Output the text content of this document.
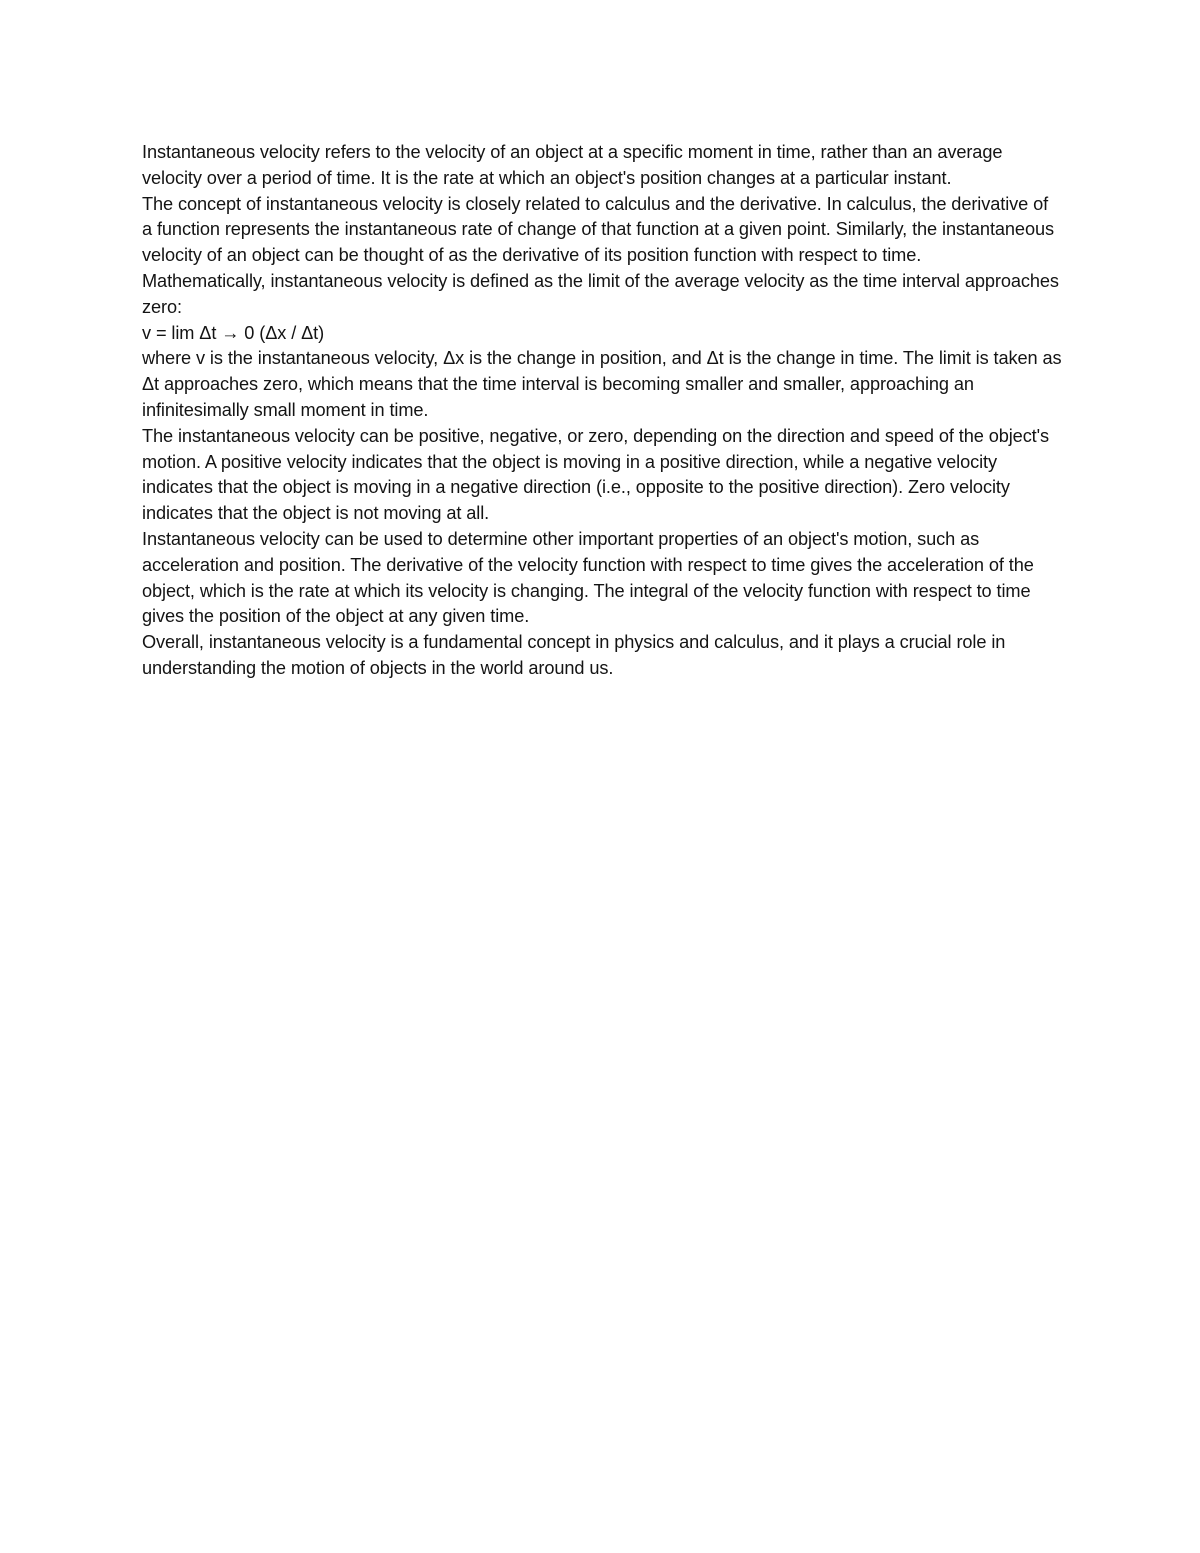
Instantaneous velocity refers to the velocity of an object at a specific moment in time, rather than an average velocity over a period of time. It is the rate at which an object's position changes at a particular instant.

The concept of instantaneous velocity is closely related to calculus and the derivative. In calculus, the derivative of a function represents the instantaneous rate of change of that function at a given point. Similarly, the instantaneous velocity of an object can be thought of as the derivative of its position function with respect to time.

Mathematically, instantaneous velocity is defined as the limit of the average velocity as the time interval approaches zero:

v = lim Δt → 0 (Δx / Δt)

where v is the instantaneous velocity, Δx is the change in position, and Δt is the change in time. The limit is taken as Δt approaches zero, which means that the time interval is becoming smaller and smaller, approaching an infinitesimally small moment in time.

The instantaneous velocity can be positive, negative, or zero, depending on the direction and speed of the object's motion. A positive velocity indicates that the object is moving in a positive direction, while a negative velocity indicates that the object is moving in a negative direction (i.e., opposite to the positive direction). Zero velocity indicates that the object is not moving at all.

Instantaneous velocity can be used to determine other important properties of an object's motion, such as acceleration and position. The derivative of the velocity function with respect to time gives the acceleration of the object, which is the rate at which its velocity is changing. The integral of the velocity function with respect to time gives the position of the object at any given time.

Overall, instantaneous velocity is a fundamental concept in physics and calculus, and it plays a crucial role in understanding the motion of objects in the world around us.
